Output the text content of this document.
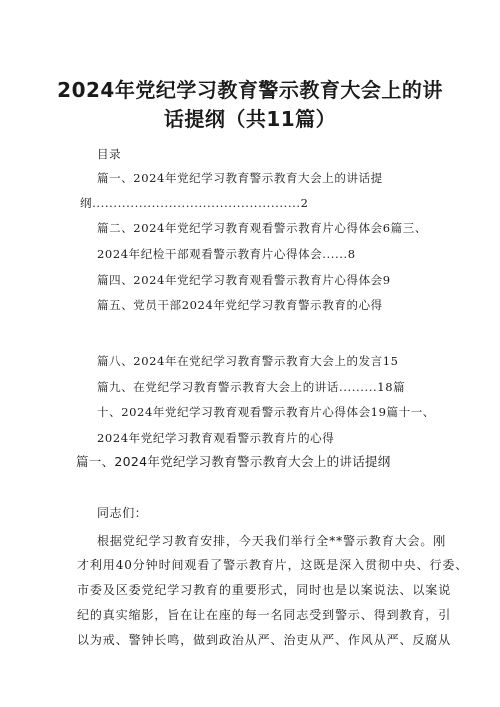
2024年党纪学习教育警示教育大会上的讲
话提纲（共11篇）
目录
篇一、2024年党纪学习教育警示教育大会上的讲话提
纲.................................................2
篇二、2024年党纪学习教育观看警示教育片心得体会6篇三、
2024年纪检干部观看警示教育片心得体会......8
篇四、2024年党纪学习教育观看警示教育片心得体会9
篇五、党员干部2024年党纪学习教育警示教育的心得
篇八、2024年在党纪学习教育警示教育大会上的发言15
篇九、在党纪学习教育警示教育大会上的讲话.........18篇
十、2024年党纪学习教育观看警示教育片心得体会19篇十一、
2024年党纪学习教育观看警示教育片的心得
篇一、2024年党纪学习教育警示教育大会上的讲话提纲
同志们：
根据党纪学习教育安排，今天我们举行全**警示教育大会。刚
才利用40分钟时间观看了警示教育片，这既是深入贯彻中央、行委、
市委及区委党纪学习教育的重要形式，同时也是以案说法、以案说
纪的真实缩影，旨在让在座的每一名同志受到警示、得到教育，引
以为戒、警钟长鸣，做到政治从严、治吏从严、作风从严、反腐从
